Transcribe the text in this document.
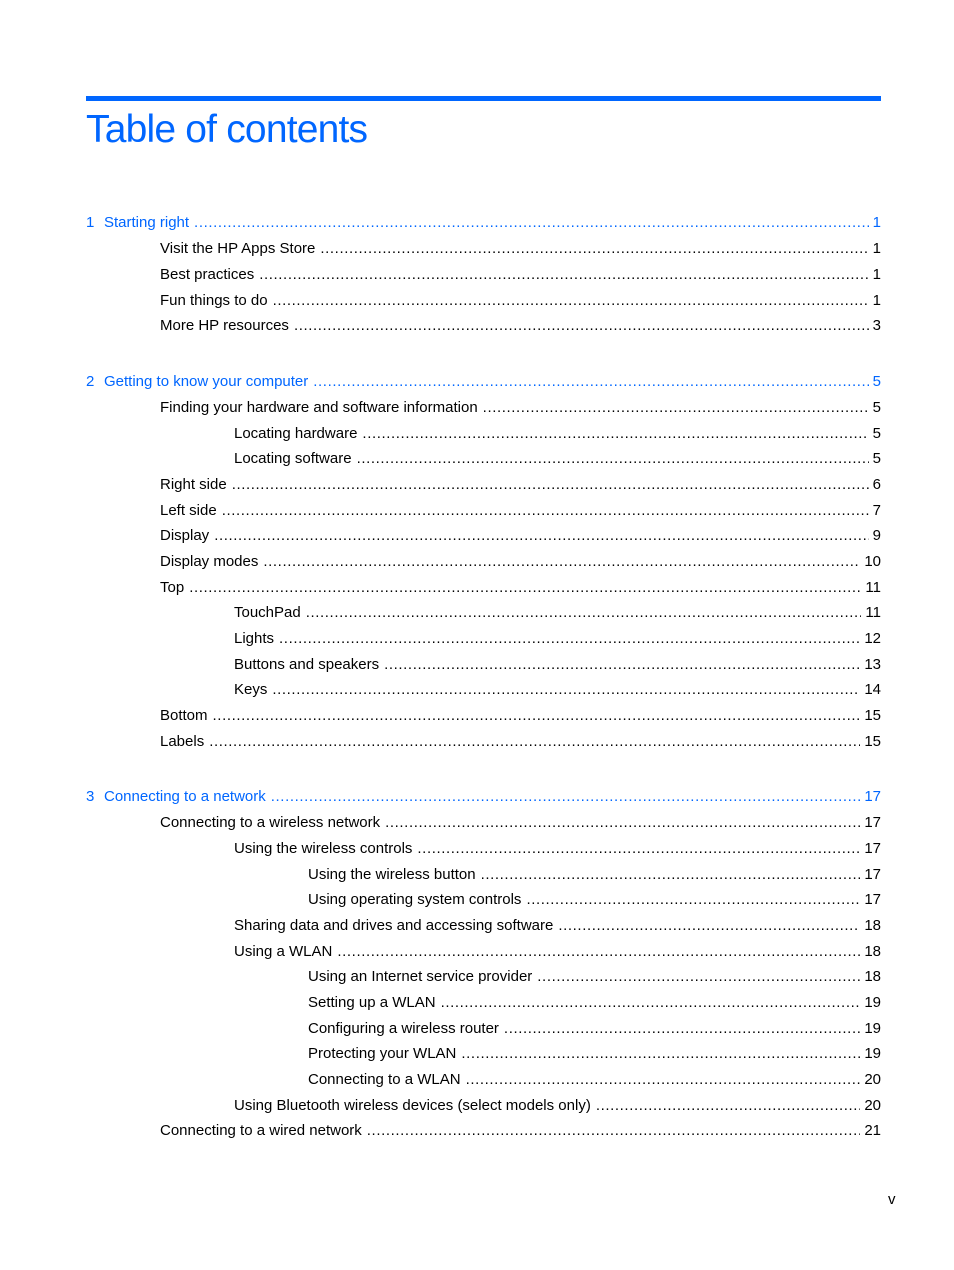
Table of contents
1 Starting right .....	1
Visit the HP Apps Store .....	1
Best practices .....	1
Fun things to do .....	1
More HP resources .....	3
2 Getting to know your computer .....	5
Finding your hardware and software information .....	5
Locating hardware .....	5
Locating software .....	5
Right side .....	6
Left side .....	7
Display .....	9
Display modes .....	10
Top .....	11
TouchPad .....	11
Lights .....	12
Buttons and speakers .....	13
Keys .....	14
Bottom .....	15
Labels .....	15
3 Connecting to a network .....	17
Connecting to a wireless network .....	17
Using the wireless controls .....	17
Using the wireless button .....	17
Using operating system controls .....	17
Sharing data and drives and accessing software .....	18
Using a WLAN .....	18
Using an Internet service provider .....	18
Setting up a WLAN .....	19
Configuring a wireless router .....	19
Protecting your WLAN .....	19
Connecting to a WLAN .....	20
Using Bluetooth wireless devices (select models only) .....	20
Connecting to a wired network .....	21
v
